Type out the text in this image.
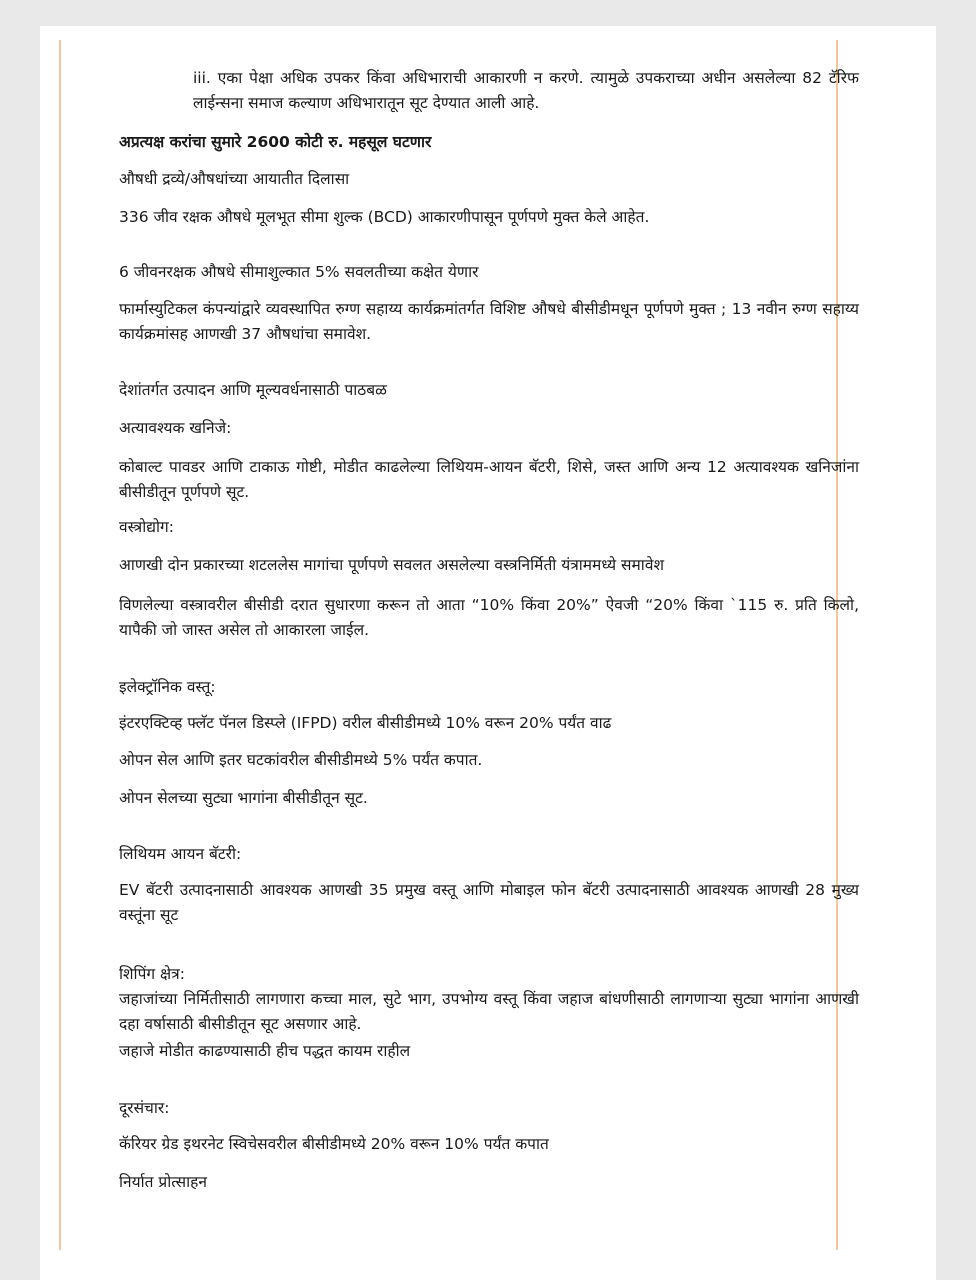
iii. एका पेक्षा अधिक उपकर किंवा अधिभाराची आकारणी न करणे. त्यामुळे उपकराच्या अधीन असलेल्या 82 टॅरिफ लाईन्सना समाज कल्याण अधिभारातून सूट देण्यात आली आहे.
अप्रत्यक्ष करांचा सुमारे 2600 कोटी रु. महसूल घटणार
औषधी द्रव्ये/औषधांच्या आयातीत दिलासा
336 जीव रक्षक औषधे मूलभूत सीमा शुल्क (BCD) आकारणीपासून पूर्णपणे मुक्त केले आहेत.
6 जीवनरक्षक औषधे सीमाशुल्कात 5% सवलतीच्या कक्षेत येणार
फार्मास्युटिकल कंपन्यांद्वारे व्यवस्थापित रुग्ण सहाय्य कार्यक्रमांतर्गत विशिष्ट औषधे बीसीडीमधून पूर्णपणे मुक्त ; 13 नवीन रुग्ण सहाय्य कार्यक्रमांसह आणखी 37 औषधांचा समावेश.
देशांतर्गत उत्पादन आणि मूल्यवर्धनासाठी पाठबळ
अत्यावश्यक खनिजे:
कोबाल्ट पावडर आणि टाकाऊ गोष्टी, मोडीत काढलेल्या लिथियम-आयन बॅटरी, शिसे, जस्त आणि अन्य 12 अत्यावश्यक खनिजांना बीसीडीतून पूर्णपणे सूट.
वस्त्रोद्योग:
आणखी दोन प्रकारच्या शटललेस मागांचा पूर्णपणे सवलत असलेल्या वस्त्रनिर्मिती यंत्राममध्ये समावेश
विणलेल्या वस्त्रावरील बीसीडी दरात सुधारणा करून तो आता “10% किंवा 20%” ऐवजी “20% किंवा `115 रु. प्रति किलो, यापैकी जो जास्त असेल तो आकारला जाईल.
इलेक्ट्रॉनिक वस्तू:
इंटरएक्टिव्ह फ्लॅट पॅनल डिस्प्ले (IFPD) वरील बीसीडीमध्ये 10% वरून 20% पर्यंत वाढ
ओपन सेल आणि इतर घटकांवरील बीसीडीमध्ये 5% पर्यंत कपात.
ओपन सेलच्या सुट्या भागांना बीसीडीतून सूट.
लिथियम आयन बॅटरी:
EV बॅटरी उत्पादनासाठी आवश्यक आणखी 35 प्रमुख वस्तू आणि मोबाइल फोन बॅटरी उत्पादनासाठी आवश्यक आणखी 28 मुख्य वस्तूंना सूट
शिपिंग क्षेत्र:
जहाजांच्या निर्मितीसाठी लागणारा कच्चा माल, सुटे भाग, उपभोग्य वस्तू किंवा जहाज बांधणीसाठी लागणाऱ्या सुट्या भागांना आणखी दहा वर्षासाठी बीसीडीतून सूट असणार आहे.
जहाजे मोडीत काढण्यासाठी हीच पद्धत कायम राहील
दूरसंचार:
कॅरियर ग्रेड इथरनेट स्विचेसवरील बीसीडीमध्ये 20% वरून 10% पर्यंत कपात
निर्यात प्रोत्साहन
